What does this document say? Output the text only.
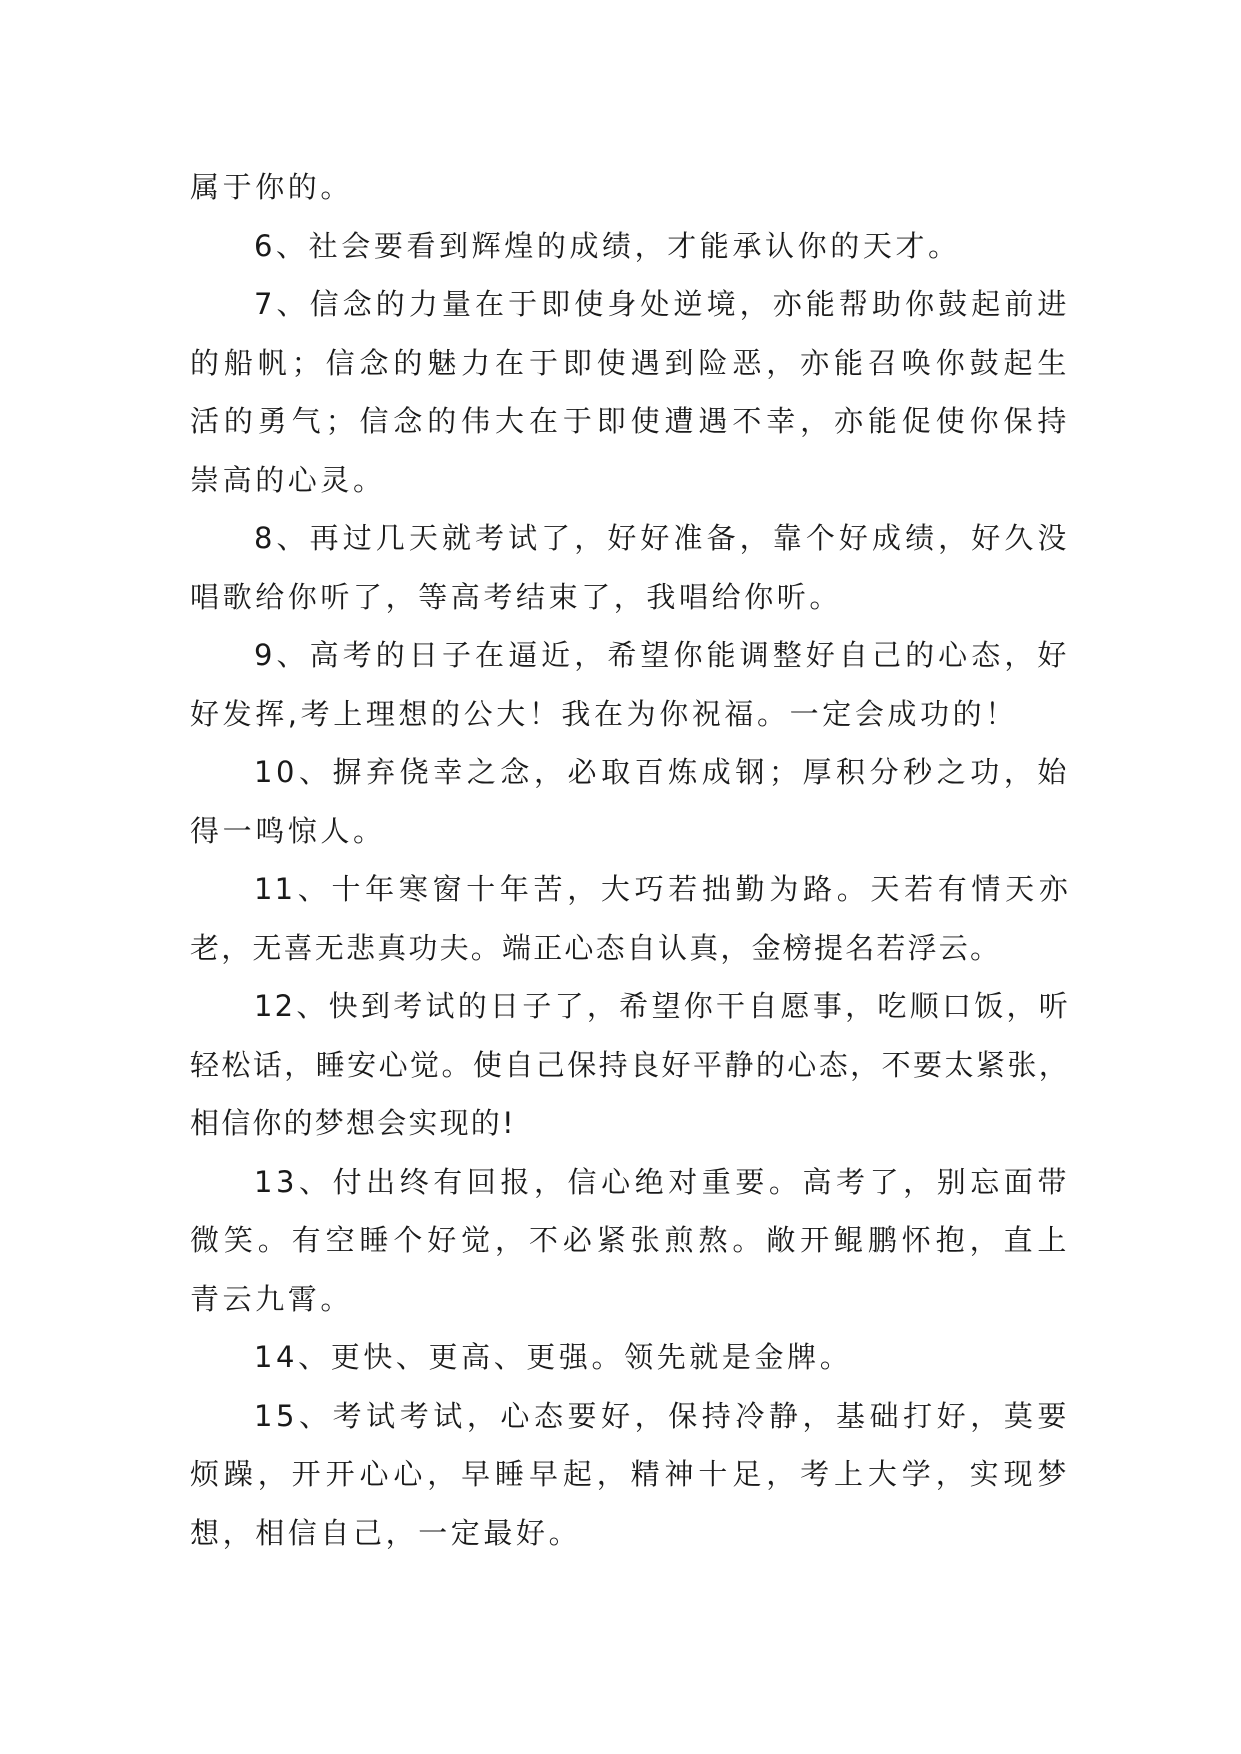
属于你的。

6、社会要看到辉煌的成绩，才能承认你的天才。

7、信念的力量在于即使身处逆境，亦能帮助你鼓起前进的船帆；信念的魅力在于即使遇到险恶，亦能召唤你鼓起生活的勇气；信念的伟大在于即使遭遇不幸，亦能促使你保持崇高的心灵。

8、再过几天就考试了，好好准备，靠个好成绩，好久没唱歌给你听了，等高考结束了，我唱给你听。

9、高考的日子在逼近，希望你能调整好自己的心态，好好发挥,考上理想的公大！我在为你祝福。一定会成功的！

10、摒弃侥幸之念，必取百炼成钢；厚积分秒之功，始得一鸣惊人。

11、十年寒窗十年苦，大巧若拙勤为路。天若有情天亦老，无喜无悲真功夫。端正心态自认真，金榜提名若浮云。

12、快到考试的日子了，希望你干自愿事，吃顺口饭，听轻松话，睡安心觉。使自己保持良好平静的心态，不要太紧张，相信你的梦想会实现的!

13、付出终有回报，信心绝对重要。高考了，别忘面带微笑。有空睡个好觉，不必紧张煎熬。敞开鲲鹏怀抱，直上青云九霄。

14、更快、更高、更强。领先就是金牌。

15、考试考试，心态要好，保持冷静，基础打好，莫要烦躁，开开心心，早睡早起，精神十足，考上大学，实现梦想，相信自己，一定最好。
